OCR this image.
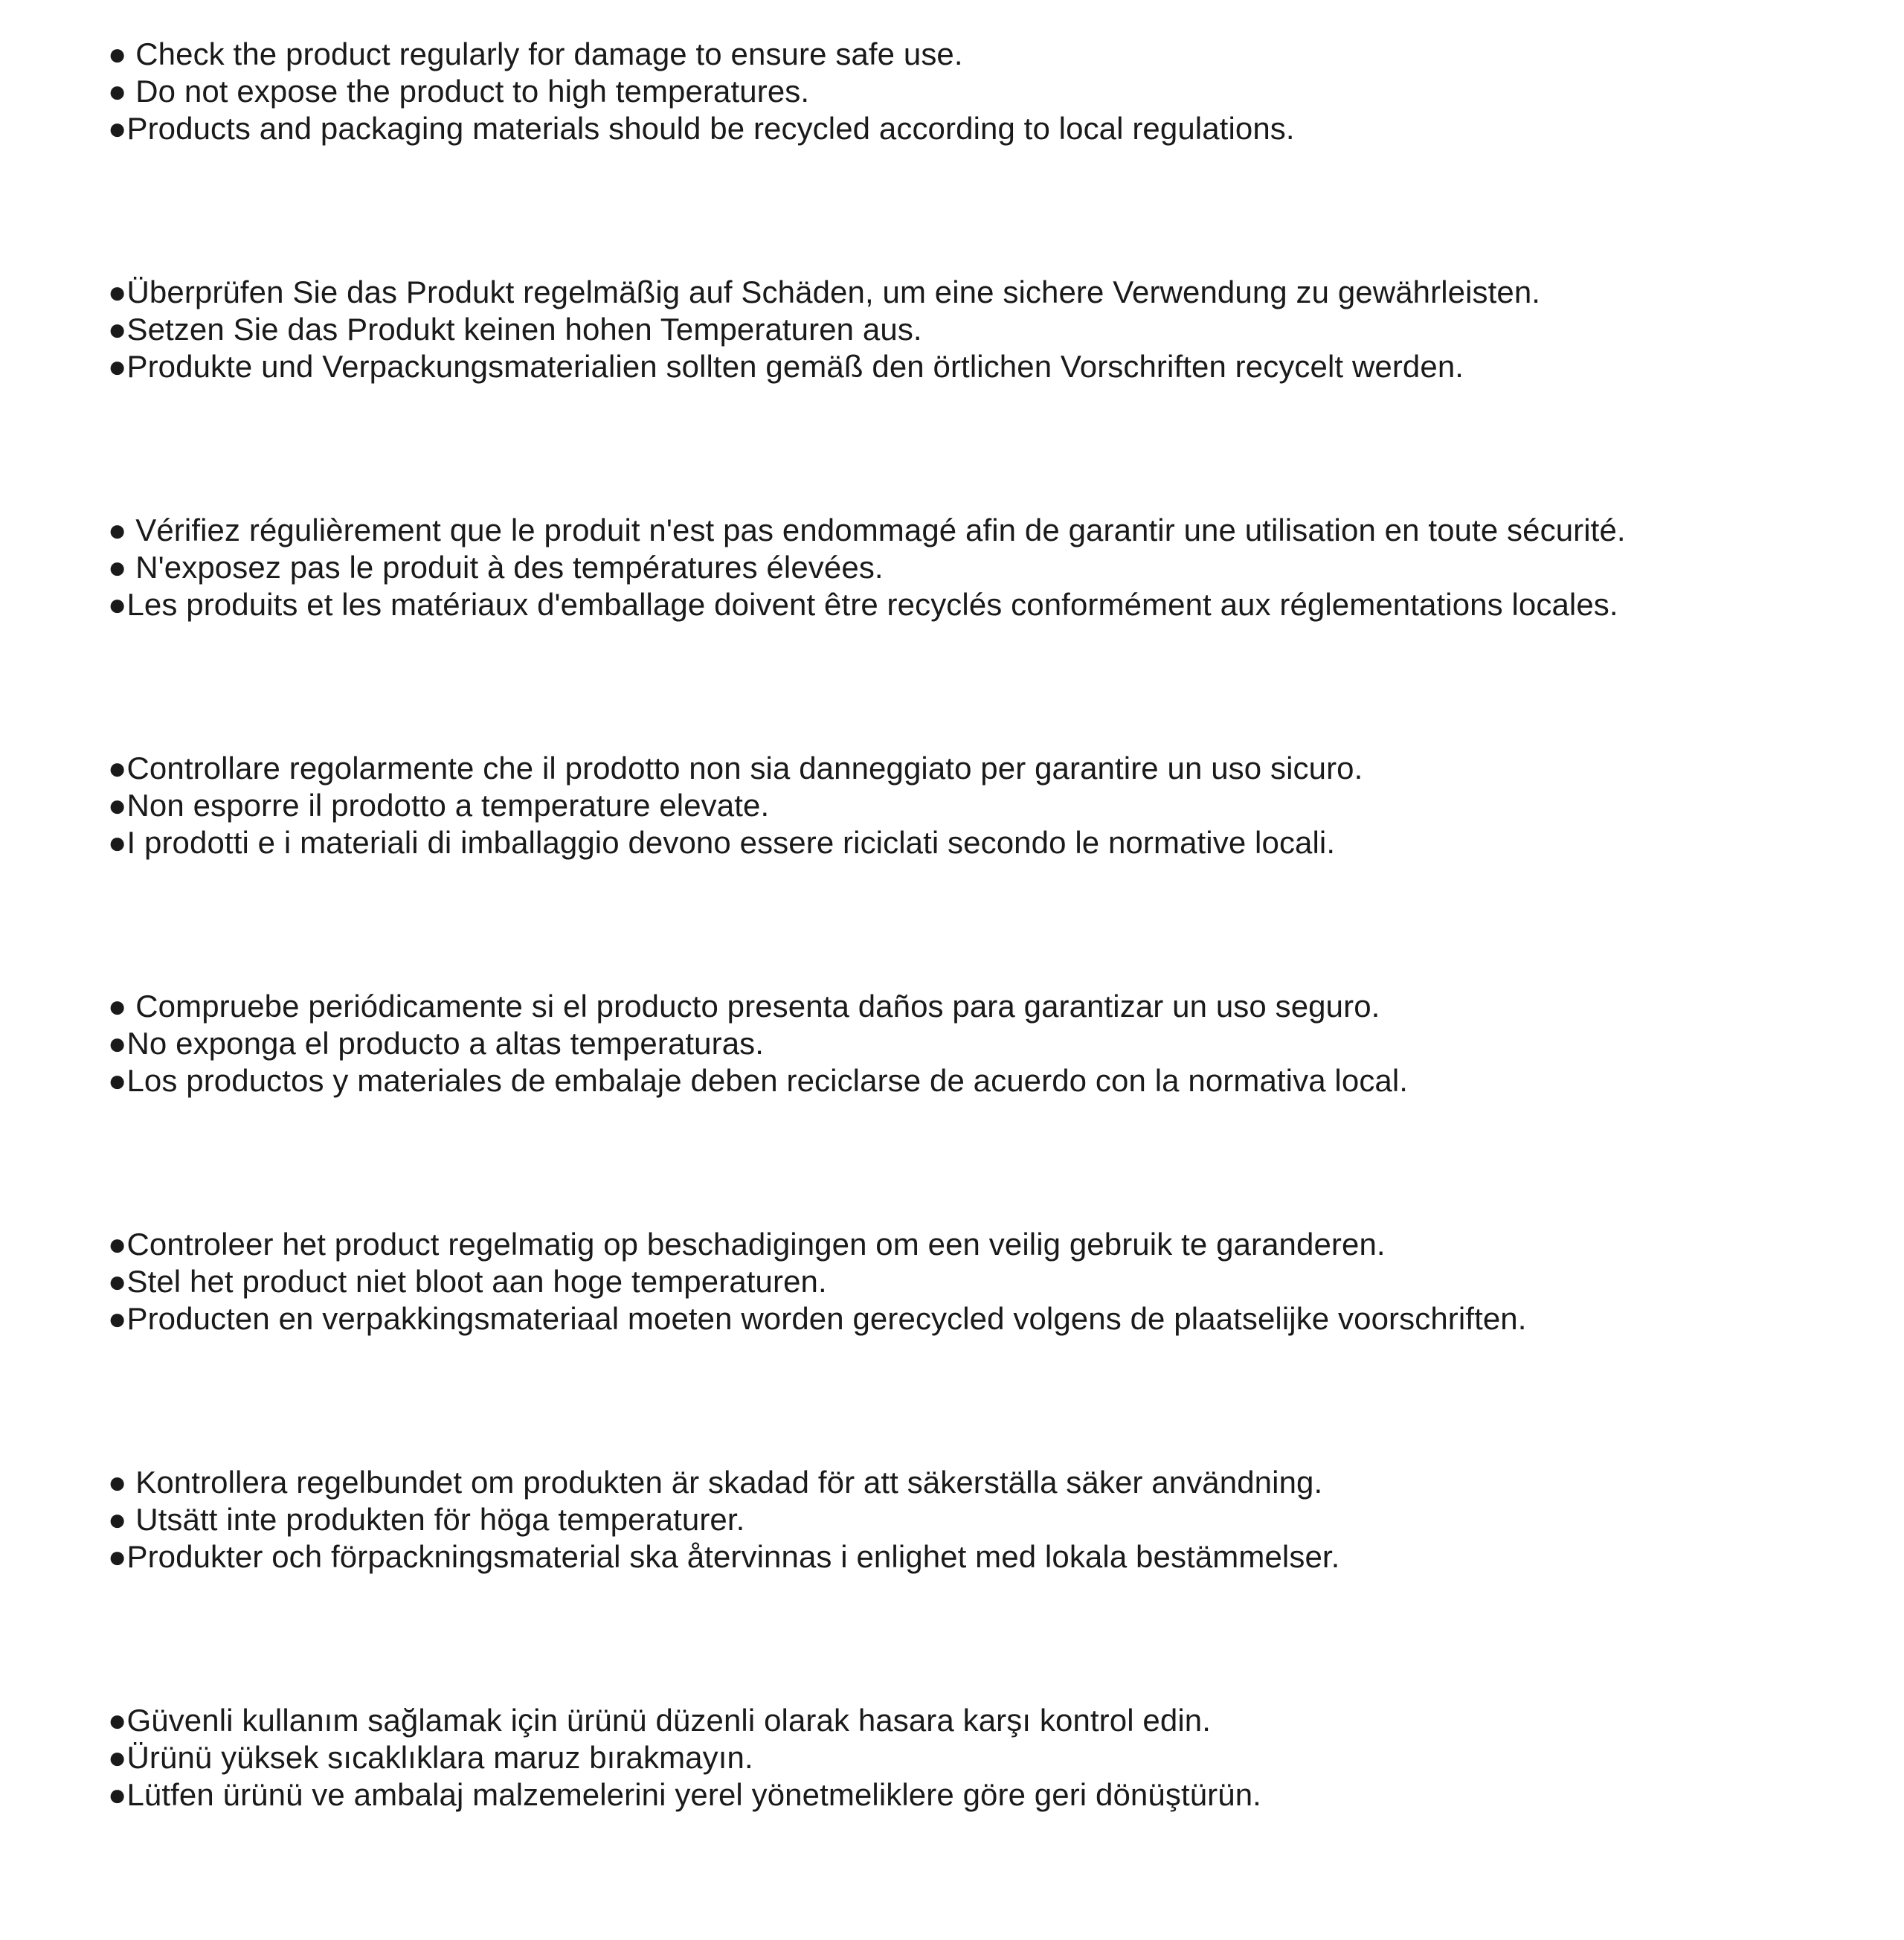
● Check the product regularly for damage to ensure safe use.
● Do not expose the product to high temperatures.
●Products and packaging materials should be recycled according to local regulations.
●Überprüfen Sie das Produkt regelmäßig auf Schäden, um eine sichere Verwendung zu gewährleisten.
●Setzen Sie das Produkt keinen hohen Temperaturen aus.
●Produkte und Verpackungsmaterialien sollten gemäß den örtlichen Vorschriften recycelt werden.
● Vérifiez régulièrement que le produit n'est pas endommagé afin de garantir une utilisation en toute sécurité.
● N'exposez pas le produit à des températures élevées.
●Les produits et les matériaux d'emballage doivent être recyclés conformément aux réglementations locales.
●Controllare regolarmente che il prodotto non sia danneggiato per garantire un uso sicuro.
●Non esporre il prodotto a temperature elevate.
●I prodotti e i materiali di imballaggio devono essere riciclati secondo le normative locali.
● Compruebe periódicamente si el producto presenta daños para garantizar un uso seguro.
●No exponga el producto a altas temperaturas.
●Los productos y materiales de embalaje deben reciclarse de acuerdo con la normativa local.
●Controleer het product regelmatig op beschadigingen om een veilig gebruik te garanderen.
●Stel het product niet bloot aan hoge temperaturen.
●Producten en verpakkingsmateriaal moeten worden gerecycled volgens de plaatselijke voorschriften.
● Kontrollera regelbundet om produkten är skadad för att säkerställa säker användning.
● Utsätt inte produkten för höga temperaturer.
●Produkter och förpackningsmaterial ska återvinnas i enlighet med lokala bestämmelser.
●Güvenli kullanım sağlamak için ürünü düzenli olarak hasara karşı kontrol edin.
●Ürünü yüksek sıcaklıklara maruz bırakmayın.
●Lütfen ürünü ve ambalaj malzemelerini yerel yönetmeliklere göre geri dönüştürün.
